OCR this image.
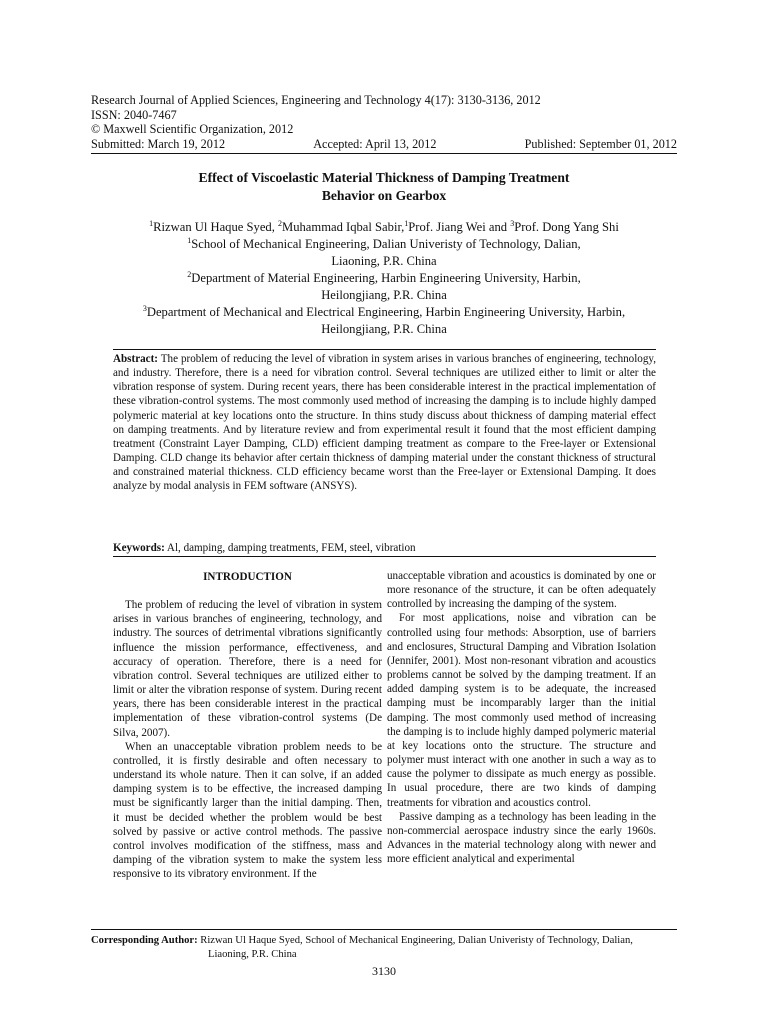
Research Journal of Applied Sciences, Engineering and Technology 4(17): 3130-3136, 2012
ISSN: 2040-7467
© Maxwell Scientific Organization, 2012
Submitted: March 19, 2012	Accepted: April 13, 2012	Published: September 01, 2012
Effect of Viscoelastic Material Thickness of Damping Treatment
Behavior on Gearbox
$^1$Rizwan Ul Haque Syed, $^2$Muhammad Iqbal Sabir,$^1$Prof. Jiang Wei and $^3$Prof. Dong Yang Shi
$^1$School of Mechanical Engineering, Dalian Univeristy of Technology, Dalian,
Liaoning, P.R. China
$^2$Department of Material Engineering, Harbin Engineering University, Harbin,
Heilongjiang, P.R. China
$^3$Department of Mechanical and Electrical Engineering, Harbin Engineering University, Harbin,
Heilongjiang, P.R. China
Abstract: The problem of reducing the level of vibration in system arises in various branches of engineering, technology, and industry. Therefore, there is a need for vibration control. Several techniques are utilized either to limit or alter the vibration response of system. During recent years, there has been considerable interest in the practical implementation of these vibration-control systems. The most commonly used method of increasing the damping is to include highly damped polymeric material at key locations onto the structure. In thins study discuss about thickness of damping material effect on damping treatments. And by literature review and from experimental result it found that the most efficient damping treatment (Constraint Layer Damping, CLD) efficient damping treatment as compare to the Free-layer or Extensional Damping. CLD change its behavior after certain thickness of damping material under the constant thickness of structural and constrained material thickness. CLD efficiency became worst than the Free-layer or Extensional Damping. It does analyze by modal analysis in FEM software (ANSYS).
Keywords: Al, damping, damping treatments, FEM, steel, vibration
INTRODUCTION

The problem of reducing the level of vibration in system arises in various branches of engineering, technology, and industry. The sources of detrimental vibrations significantly influence the mission performance, effectiveness, and accuracy of operation. Therefore, there is a need for vibration control. Several techniques are utilized either to limit or alter the vibration response of system. During recent years, there has been considerable interest in the practical implementation of these vibration-control systems (De Silva, 2007).

When an unacceptable vibration problem needs to be controlled, it is firstly desirable and often necessary to understand its whole nature. Then it can solve, if an added damping system is to be effective, the increased damping must be significantly larger than the initial damping. Then, it must be decided whether the problem would be best solved by passive or active control methods. The passive control involves modification of the stiffness, mass and damping of the vibration system to make the system less responsive to its vibratory environment. If the

unacceptable vibration and acoustics is dominated by one or more resonance of the structure, it can be often adequately controlled by increasing the damping of the system.

For most applications, noise and vibration can be controlled using four methods: Absorption, use of barriers and enclosures, Structural Damping and Vibration Isolation (Jennifer, 2001). Most non-resonant vibration and acoustics problems cannot be solved by the damping treatment. If an added damping system is to be adequate, the increased damping must be incomparably larger than the initial damping. The most commonly used method of increasing the damping is to include highly damped polymeric material at key locations onto the structure. The structure and polymer must interact with one another in such a way as to cause the polymer to dissipate as much energy as possible. In usual procedure, there are two kinds of damping treatments for vibration and acoustics control.

Passive damping as a technology has been leading in the non-commercial aerospace industry since the early 1960s. Advances in the material technology along with newer and more efficient analytical and experimental

Corresponding Author: Rizwan Ul Haque Syed, School of Mechanical Engineering, Dalian Univeristy of Technology, Dalian,
Liaoning, P.R. China
3130
